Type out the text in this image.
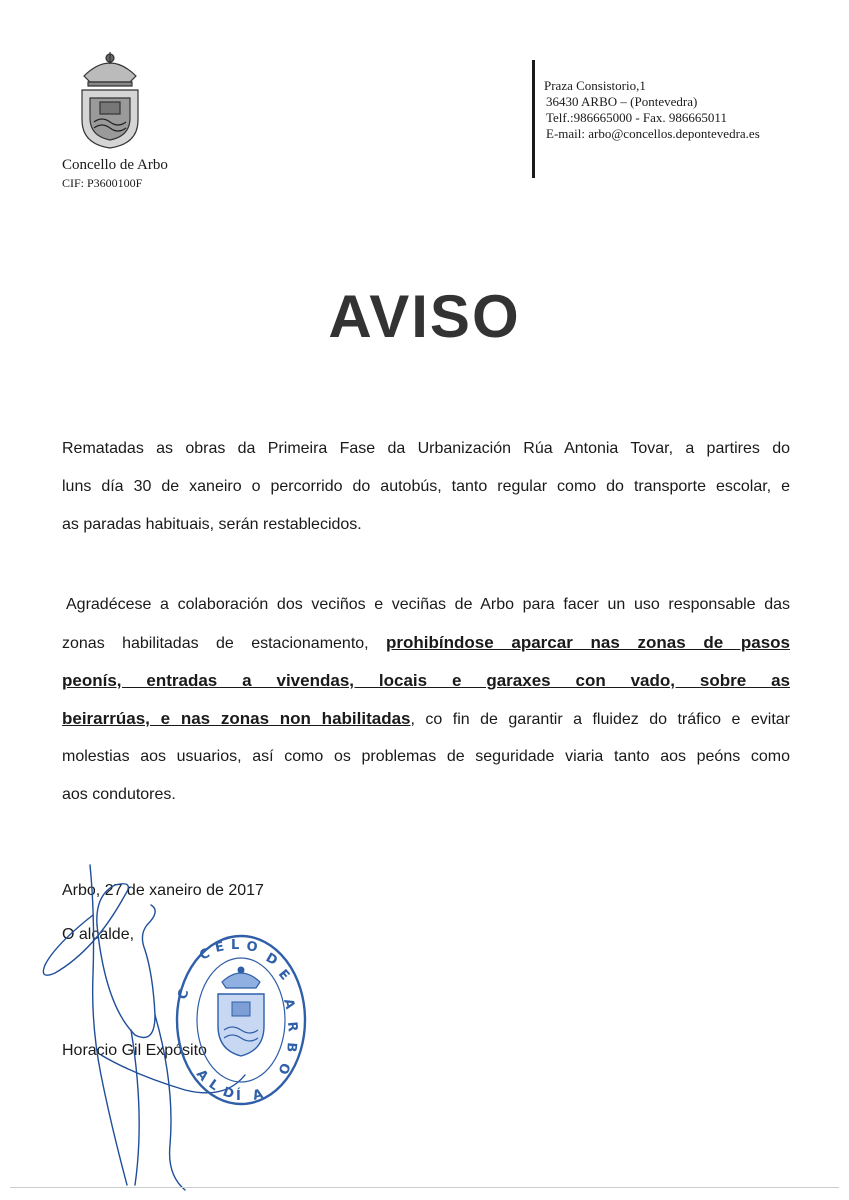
Concello de Arbo
CIF: P3600100F
Praza Consistorio,1
36430 ARBO – (Pontevedra)
Telf.:986665000 - Fax. 986665011
E-mail: arbo@concellos.depontevedra.es
AVISO
Rematadas as obras da Primeira Fase da Urbanización Rúa Antonia Tovar, a partires do
luns día 30 de xaneiro o percorrido do autobús, tanto regular como do transporte escolar, e
as paradas habituais, serán restablecidos.
Agradécese a colaboración dos veciños e veciñas de Arbo para facer un uso responsable das
zonas habilitadas de estacionamento, prohibíndose aparcar nas zonas de pasos
peonís, entradas a vivendas, locais e garaxes con vado, sobre as
beirarrúas, e nas zonas non habilitadas, co fin de garantir a fluidez do tráfico e evitar
molestias aos usuarios, así como os problemas de seguridade viaria tanto aos peóns como
aos condutores.
Arbo, 27 de xaneiro de 2017
O alcalde,
Horacio Gil Expósito
C E L O
D
E
A
R
B
O
A
Í
D
L
A
C
